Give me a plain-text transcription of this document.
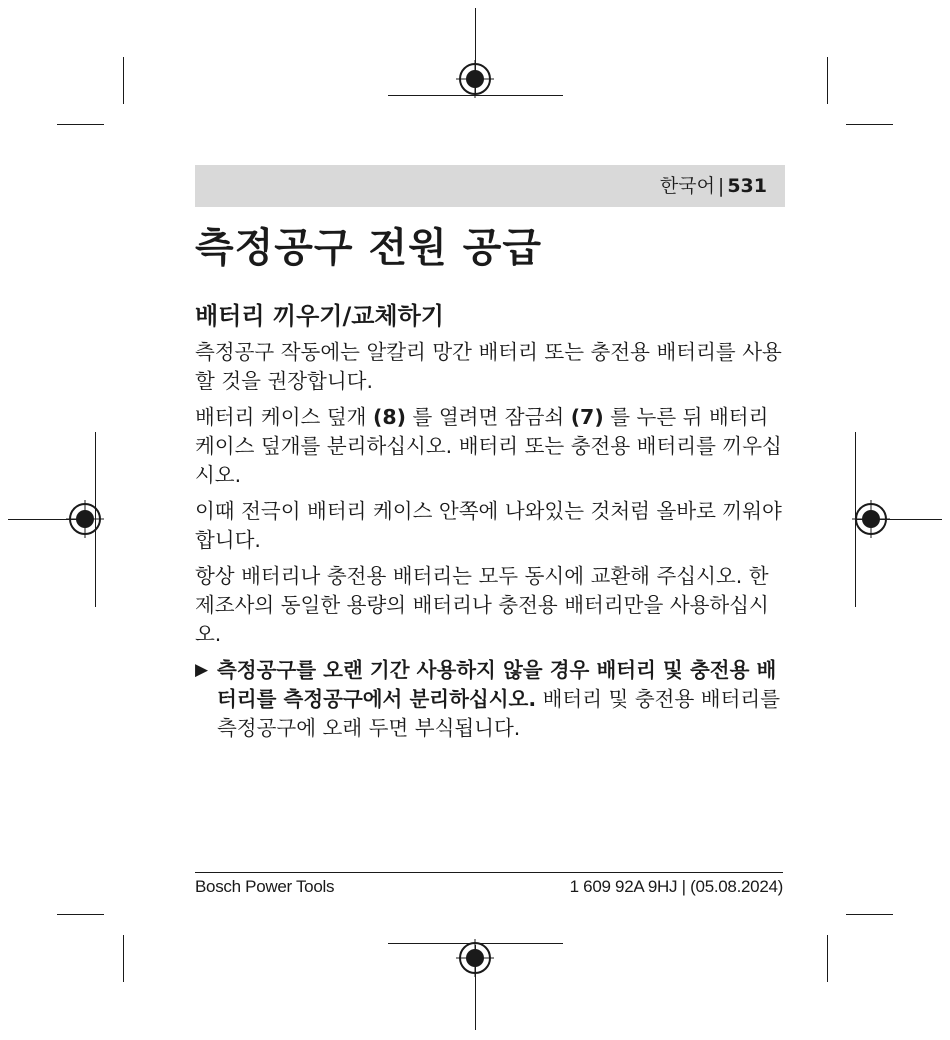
한국어 | 531
측정공구 전원 공급
배터리 끼우기/교체하기

측정공구 작동에는 알칼리 망간 배터리 또는 충전용 배터리를 사용할 것을 권장합니다.

배터리 케이스 덮개 (8) 를 열려면 잠금쇠 (7) 를 누른 뒤 배터리 케이스 덮개를 분리하십시오. 배터리 또는 충전용 배터리를 끼우십시오.

이때 전극이 배터리 케이스 안쪽에 나와있는 것처럼 올바로 끼워야 합니다.

항상 배터리나 충전용 배터리는 모두 동시에 교환해 주십시오. 한 제조사의 동일한 용량의 배터리나 충전용 배터리만을 사용하십시오.

▶ 측정공구를 오랜 기간 사용하지 않을 경우 배터리 및 충전용 배터리를 측정공구에서 분리하십시오. 배터리 및 충전용 배터리를 측정공구에 오래 두면 부식됩니다.
Bosch Power Tools	1 609 92A 9HJ | (05.08.2024)
